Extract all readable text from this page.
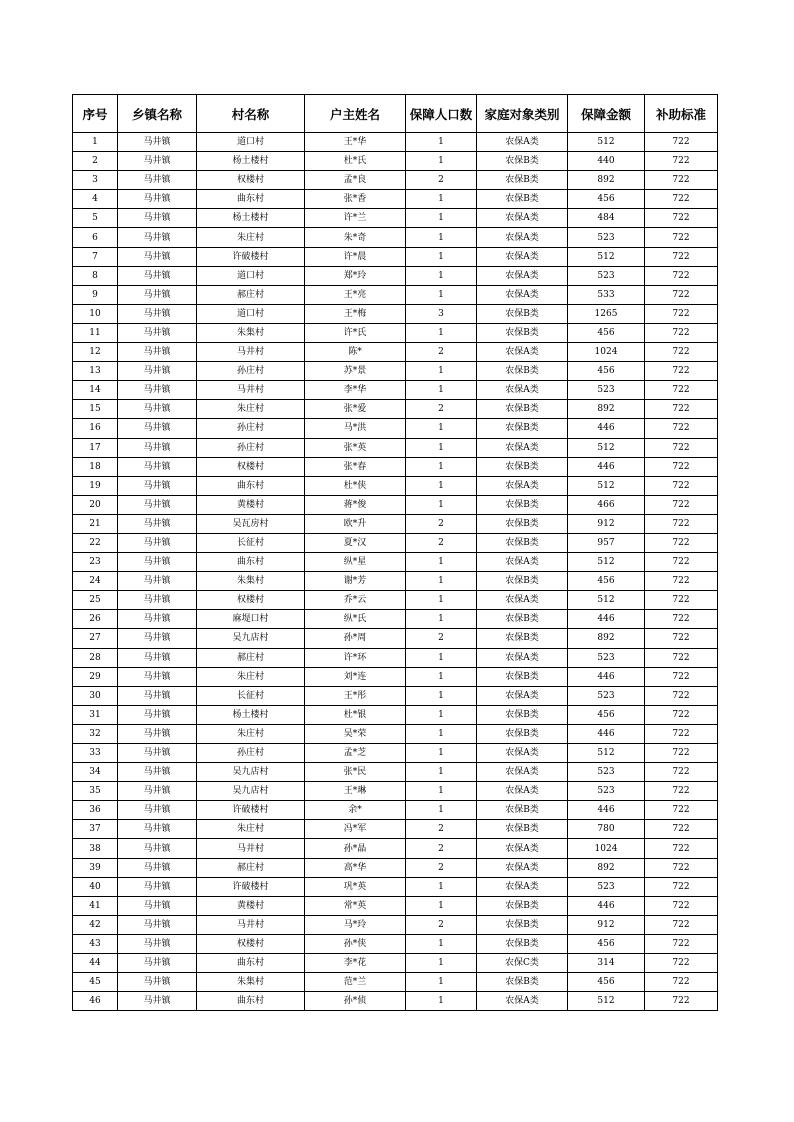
序号	乡镇名称	村名称	户主姓名	保障人口数	家庭对象类别	保障金额	补助标准
1	马井镇	道口村	王*华	1	农保A类	512	722
2	马井镇	杨土楼村	杜*氏	1	农保B类	440	722
3	马井镇	权楼村	孟*良	2	农保B类	892	722
4	马井镇	曲东村	张*香	1	农保B类	456	722
5	马井镇	杨土楼村	许*兰	1	农保A类	484	722
6	马井镇	朱庄村	朱*奇	1	农保A类	523	722
7	马井镇	许破楼村	许*晨	1	农保A类	512	722
8	马井镇	道口村	郑*玲	1	农保A类	523	722
9	马井镇	郝庄村	王*亮	1	农保A类	533	722
10	马井镇	道口村	王*梅	3	农保B类	1265	722
11	马井镇	朱集村	许*氏	1	农保B类	456	722
12	马井镇	马井村	陈*	2	农保A类	1024	722
13	马井镇	孙庄村	苏*景	1	农保B类	456	722
14	马井镇	马井村	李*华	1	农保A类	523	722
15	马井镇	朱庄村	张*爱	2	农保B类	892	722
16	马井镇	孙庄村	马*洪	1	农保B类	446	722
17	马井镇	孙庄村	张*英	1	农保A类	512	722
18	马井镇	权楼村	张*春	1	农保B类	446	722
19	马井镇	曲东村	杜*侠	1	农保A类	512	722
20	马井镇	黄楼村	蒋*俊	1	农保B类	466	722
21	马井镇	吴瓦房村	欧*升	2	农保B类	912	722
22	马井镇	长征村	夏*汉	2	农保B类	957	722
23	马井镇	曲东村	纵*星	1	农保A类	512	722
24	马井镇	朱集村	谢*芳	1	农保B类	456	722
25	马井镇	权楼村	乔*云	1	农保A类	512	722
26	马井镇	麻堤口村	纵*氏	1	农保B类	446	722
27	马井镇	吴九店村	孙*周	2	农保B类	892	722
28	马井镇	郝庄村	许*环	1	农保A类	523	722
29	马井镇	朱庄村	刘*连	1	农保B类	446	722
30	马井镇	长征村	王*彤	1	农保A类	523	722
31	马井镇	杨土楼村	杜*银	1	农保B类	456	722
32	马井镇	朱庄村	吴*荣	1	农保B类	446	722
33	马井镇	孙庄村	孟*芝	1	农保A类	512	722
34	马井镇	吴九店村	张*民	1	农保A类	523	722
35	马井镇	吴九店村	王*琳	1	农保A类	523	722
36	马井镇	许破楼村	余*	1	农保B类	446	722
37	马井镇	朱庄村	冯*军	2	农保B类	780	722
38	马井镇	马井村	孙*晶	2	农保A类	1024	722
39	马井镇	郝庄村	高*华	2	农保A类	892	722
40	马井镇	许破楼村	巩*英	1	农保A类	523	722
41	马井镇	黄楼村	常*英	1	农保B类	446	722
42	马井镇	马井村	马*玲	2	农保B类	912	722
43	马井镇	权楼村	孙*侠	1	农保B类	456	722
44	马井镇	曲东村	李*花	1	农保C类	314	722
45	马井镇	朱集村	范*兰	1	农保B类	456	722
46	马井镇	曲东村	孙*侦	1	农保A类	512	722
